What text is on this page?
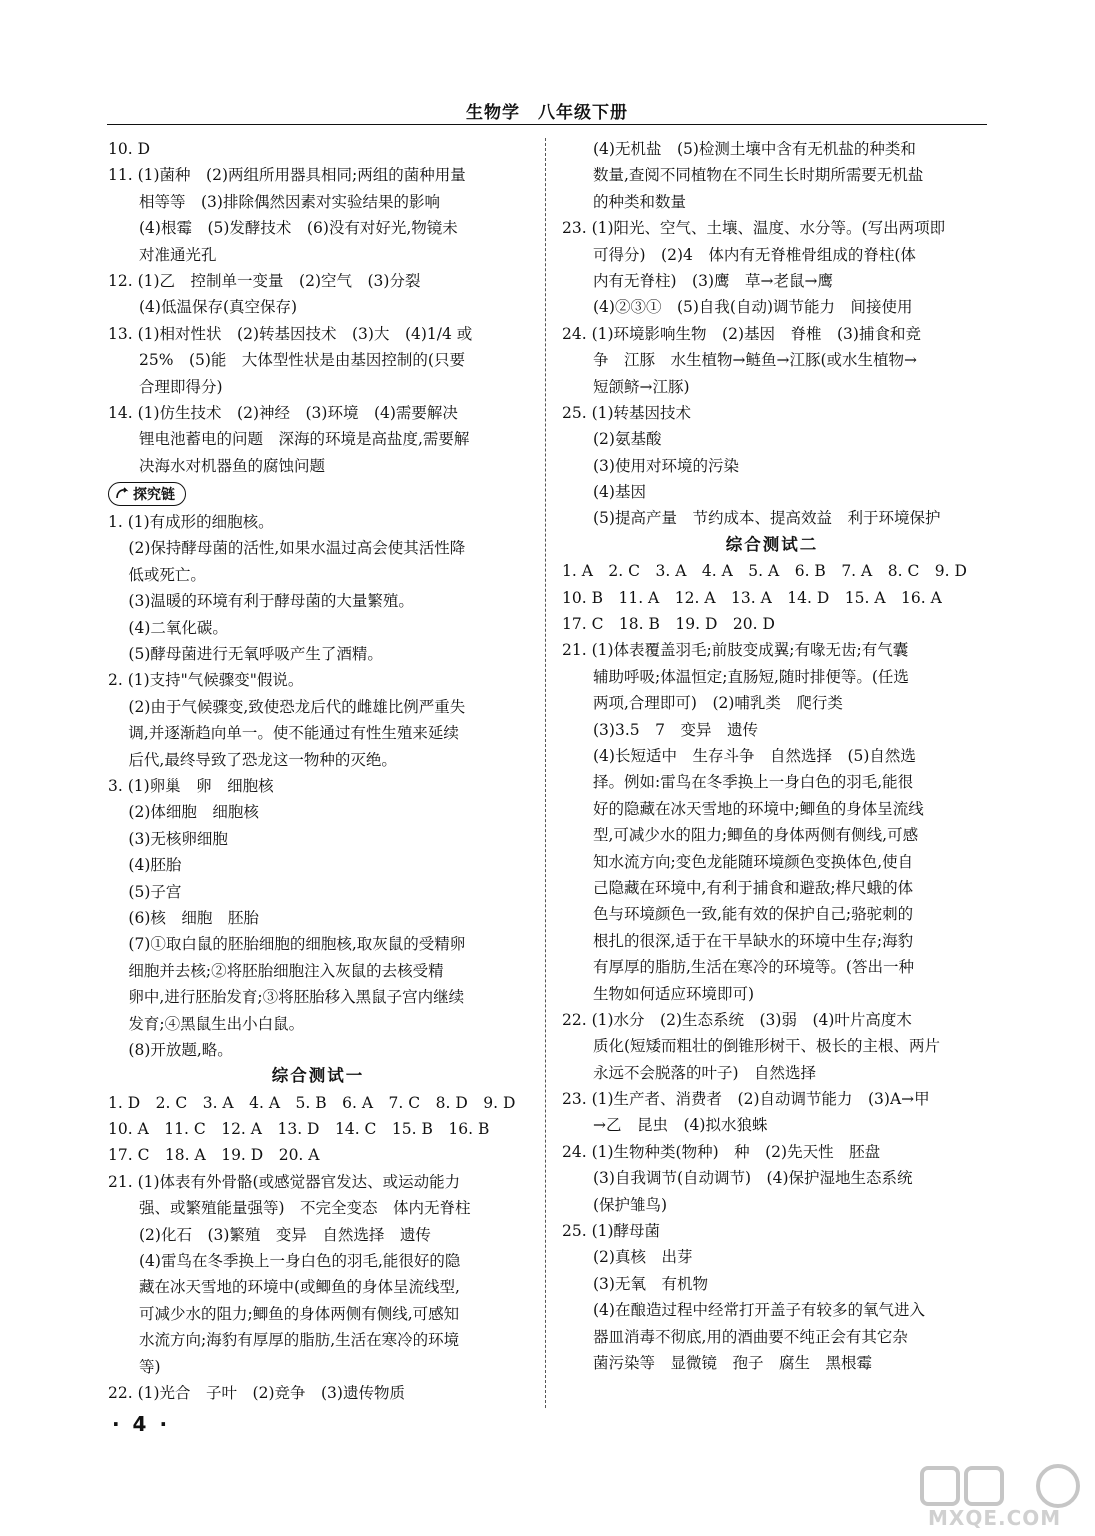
生物学　八年级下册
10. D
11. (1)菌种　(2)两组所用器具相同;两组的菌种用量
　　相等等　(3)排除偶然因素对实验结果的影响
　　(4)根霉　(5)发酵技术　(6)没有对好光,物镜未
　　对准通光孔
12. (1)乙　控制单一变量　(2)空气　(3)分裂
　　(4)低温保存(真空保存)
13. (1)相对性状　(2)转基因技术　(3)大　(4)1/4 或
　　25%　(5)能　大体型性状是由基因控制的(只要
　　合理即得分)
14. (1)仿生技术　(2)神经　(3)环境　(4)需要解决
　　锂电池蓄电的问题　深海的环境是高盐度,需要解
　　决海水对机器鱼的腐蚀问题
探究链
1. (1)有成形的细胞核。
　 (2)保持酵母菌的活性,如果水温过高会使其活性降
　 低或死亡。
　 (3)温暖的环境有利于酵母菌的大量繁殖。
　 (4)二氧化碳。
　 (5)酵母菌进行无氧呼吸产生了酒精。
2. (1)支持"气候骤变"假说。
　 (2)由于气候骤变,致使恐龙后代的雌雄比例严重失
　 调,并逐渐趋向单一。使不能通过有性生殖来延续
　 后代,最终导致了恐龙这一物种的灭绝。
3. (1)卵巢　卵　细胞核
　 (2)体细胞　细胞核
　 (3)无核卵细胞
　 (4)胚胎
　 (5)子宫
　 (6)核　细胞　胚胎
　 (7)①取白鼠的胚胎细胞的细胞核,取灰鼠的受精卵
　 细胞并去核;②将胚胎细胞注入灰鼠的去核受精
　 卵中,进行胚胎发育;③将胚胎移入黑鼠子宫内继续
　 发育;④黑鼠生出小白鼠。
　 (8)开放题,略。
综合测试一
1. D　2. C　3. A　4. A　5. B　6. A　7. C　8. D　9. D
10. A　11. C　12. A　13. D　14. C　15. B　16. B
17. C　18. A　19. D　20. A
21. (1)体表有外骨骼(或感觉器官发达、或运动能力
　　强、或繁殖能量强等)　不完全变态　体内无脊柱
　　(2)化石　(3)繁殖　变异　自然选择　遗传
　　(4)雷鸟在冬季换上一身白色的羽毛,能很好的隐
　　藏在冰天雪地的环境中(或鲫鱼的身体呈流线型,
　　可减少水的阻力;鲫鱼的身体两侧有侧线,可感知
　　水流方向;海豹有厚厚的脂肪,生活在寒冷的环境
　　等)
22. (1)光合　子叶　(2)竞争　(3)遗传物质
　　(4)无机盐　(5)检测土壤中含有无机盐的种类和
　　数量,查阅不同植物在不同生长时期所需要无机盐
　　的种类和数量
23. (1)阳光、空气、土壤、温度、水分等。(写出两项即
　　可得分)　(2)4　体内有无脊椎骨组成的脊柱(体
　　内有无脊柱)　(3)鹰　草→老鼠→鹰
　　(4)②③①　(5)自我(自动)调节能力　间接使用
24. (1)环境影响生物　(2)基因　脊椎　(3)捕食和竞
　　争　江豚　水生植物→鲢鱼→江豚(或水生植物→
　　短颌鲚→江豚)
25. (1)转基因技术
　　(2)氨基酸
　　(3)使用对环境的污染
　　(4)基因
　　(5)提高产量　节约成本、提高效益　利于环境保护
综合测试二
1. A　2. C　3. A　4. A　5. A　6. B　7. A　8. C　9. D
10. B　11. A　12. A　13. A　14. D　15. A　16. A
17. C　18. B　19. D　20. D
21. (1)体表覆盖羽毛;前肢变成翼;有喙无齿;有气囊
　　辅助呼吸;体温恒定;直肠短,随时排便等。(任选
　　两项,合理即可)　(2)哺乳类　爬行类
　　(3)3.5　7　变异　遗传
　　(4)长短适中　生存斗争　自然选择　(5)自然选
　　择。例如:雷鸟在冬季换上一身白色的羽毛,能很
　　好的隐藏在冰天雪地的环境中;鲫鱼的身体呈流线
　　型,可减少水的阻力;鲫鱼的身体两侧有侧线,可感
　　知水流方向;变色龙能随环境颜色变换体色,使自
　　己隐藏在环境中,有利于捕食和避敌;桦尺蛾的体
　　色与环境颜色一致,能有效的保护自己;骆驼刺的
　　根扎的很深,适于在干旱缺水的环境中生存;海豹
　　有厚厚的脂肪,生活在寒冷的环境等。(答出一种
　　生物如何适应环境即可)
22. (1)水分　(2)生态系统　(3)弱　(4)叶片高度木
　　质化(短矮而粗壮的倒锥形树干、极长的主根、两片
　　永远不会脱落的叶子)　自然选择
23. (1)生产者、消费者　(2)自动调节能力　(3)A→甲
　　→乙　昆虫　(4)拟水狼蛛
24. (1)生物种类(物种)　种　(2)先天性　胚盘
　　(3)自我调节(自动调节)　(4)保护湿地生态系统
　　(保护雏鸟)
25. (1)酵母菌
　　(2)真核　出芽
　　(3)无氧　有机物
　　(4)在酿造过程中经常打开盖子有较多的氧气进入
　　器皿消毒不彻底,用的酒曲要不纯正会有其它杂
　　菌污染等　显微镜　孢子　腐生　黑根霉
· 4 ·
MXQE.COM
